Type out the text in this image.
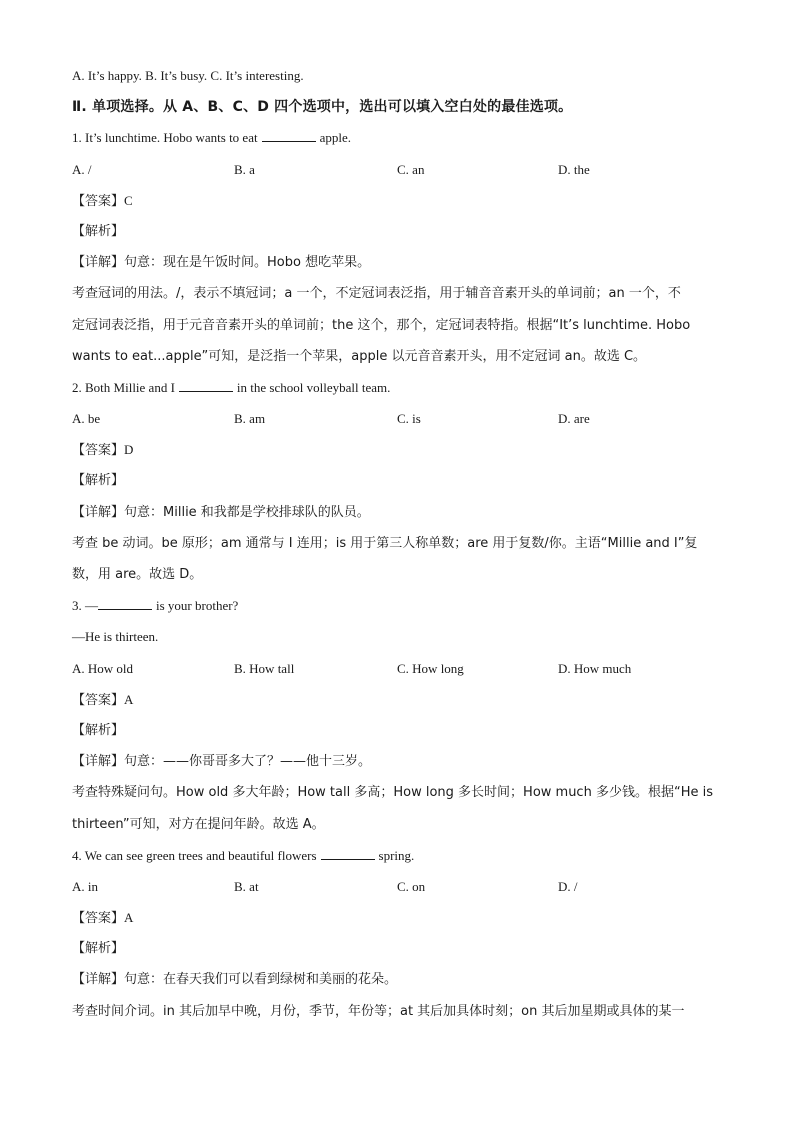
A. It’s happy. B. It’s busy. C. It’s interesting.
Ⅱ. 单项选择。从 A、B、C、D 四个选项中，选出可以填入空白处的最佳选项。
1. It’s lunchtime. Hobo wants to eat	apple.
A. /	B. a	C. an	D. the
【答案】C
【解析】
【详解】句意：现在是午饭时间。Hobo 想吃苹果。
考查冠词的用法。/，表示不填冠词；a 一个，不定冠词表泛指，用于辅音音素开头的单词前；an 一个，不
定冠词表泛指，用于元音音素开头的单词前；the 这个，那个，定冠词表特指。根据“It’s lunchtime. Hobo
wants to eat...apple”可知，是泛指一个苹果，apple 以元音音素开头，用不定冠词 an。故选 C。
2. Both Millie and I	in the school volleyball team.
A. be	B. am	C. is	D. are
【答案】D
【解析】
【详解】句意：Millie 和我都是学校排球队的队员。
考查 be 动词。be 原形；am 通常与 I 连用；is 用于第三人称单数；are 用于复数/你。主语“Millie and I”复
数，用 are。故选 D。
3. —	is your brother?
—He is thirteen.
A. How old	B. How tall	C. How long	D. How much
【答案】A
【解析】
【详解】句意：——你哥哥多大了？——他十三岁。
考查特殊疑问句。How old 多大年龄；How tall 多高；How long 多长时间；How much 多少钱。根据“He is
thirteen”可知，对方在提问年龄。故选 A。
4. We can see green trees and beautiful flowers	spring.
A. in	B. at	C. on	D. /
【答案】A
【解析】
【详解】句意：在春天我们可以看到绿树和美丽的花朵。
考查时间介词。in 其后加早中晚，月份，季节，年份等；at 其后加具体时刻；on 其后加星期或具体的某一
